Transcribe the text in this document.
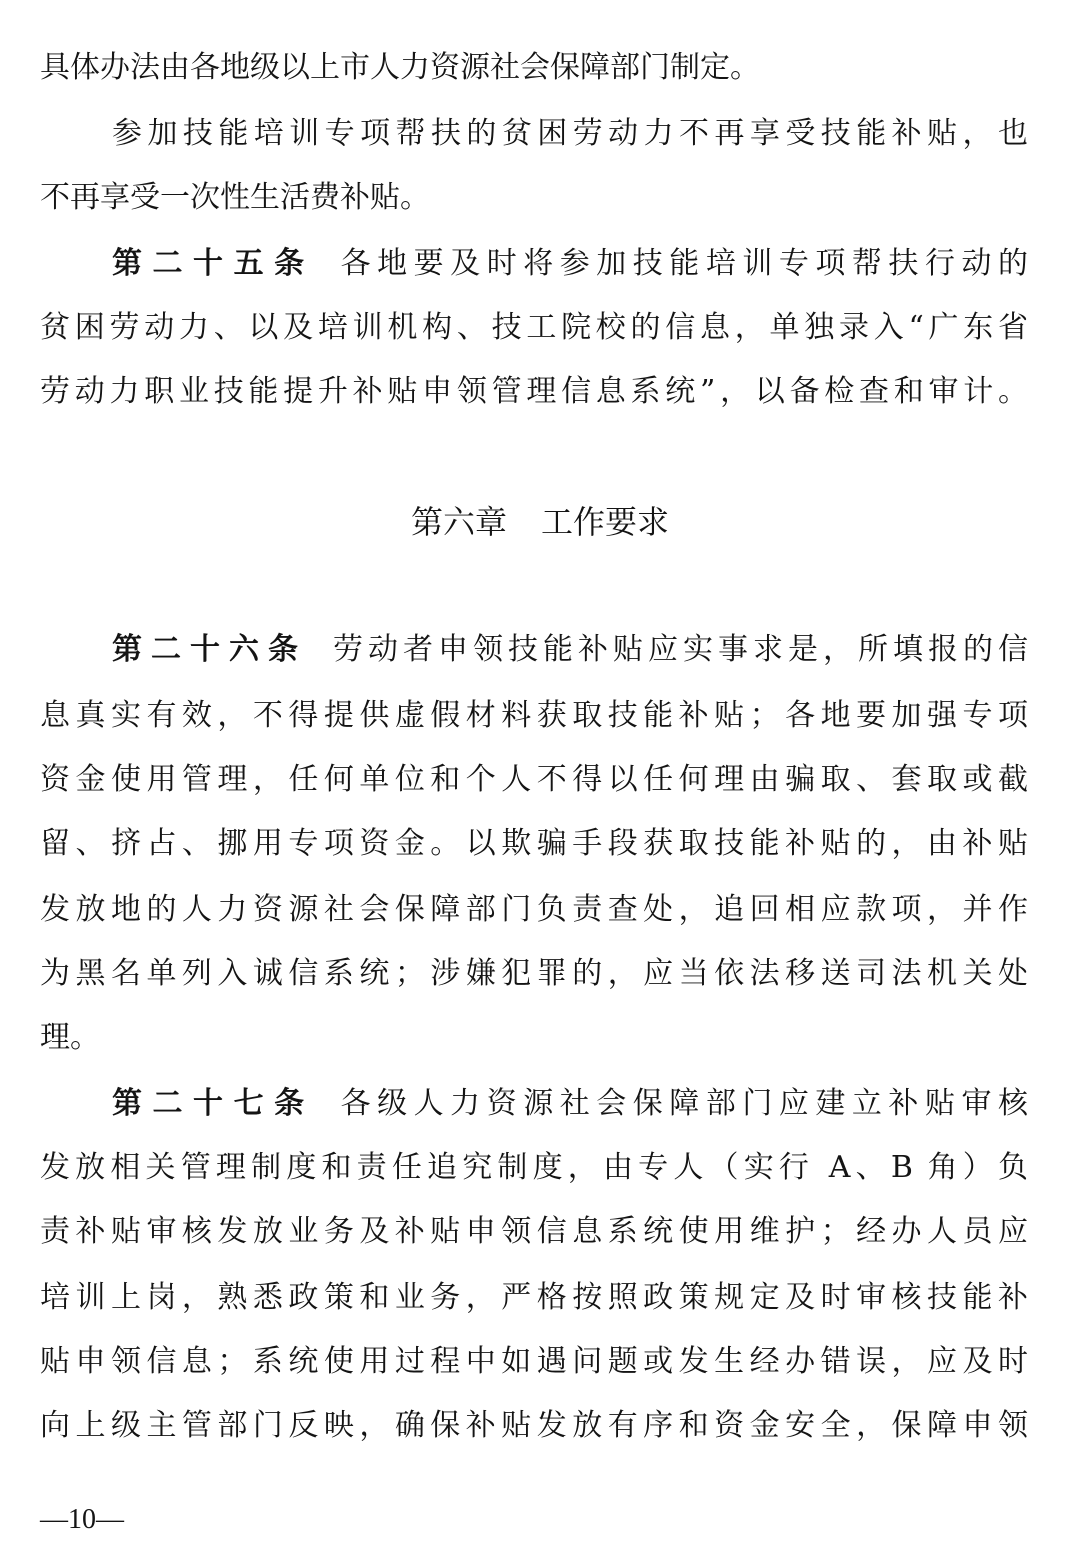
具体办法由各地级以上市人力资源社会保障部门制定。
参加技能培训专项帮扶的贫困劳动力不再享受技能补贴，也
不再享受一次性生活费补贴。
第二十五条 各地要及时将参加技能培训专项帮扶行动的
贫困劳动力、以及培训机构、技工院校的信息，单独录入“广东省
劳动力职业技能提升补贴申领管理信息系统”，以备检查和审计。
第六章 工作要求
第二十六条 劳动者申领技能补贴应实事求是，所填报的信
息真实有效，不得提供虚假材料获取技能补贴；各地要加强专项
资金使用管理，任何单位和个人不得以任何理由骗取、套取或截
留、挤占、挪用专项资金。以欺骗手段获取技能补贴的，由补贴
发放地的人力资源社会保障部门负责查处，追回相应款项，并作
为黑名单列入诚信系统；涉嫌犯罪的，应当依法移送司法机关处
理。
第二十七条 各级人力资源社会保障部门应建立补贴审核
发放相关管理制度和责任追究制度，由专人（实行 A、B 角）负
责补贴审核发放业务及补贴申领信息系统使用维护；经办人员应
培训上岗，熟悉政策和业务，严格按照政策规定及时审核技能补
贴申领信息；系统使用过程中如遇问题或发生经办错误，应及时
向上级主管部门反映，确保补贴发放有序和资金安全，保障申领
—10—
